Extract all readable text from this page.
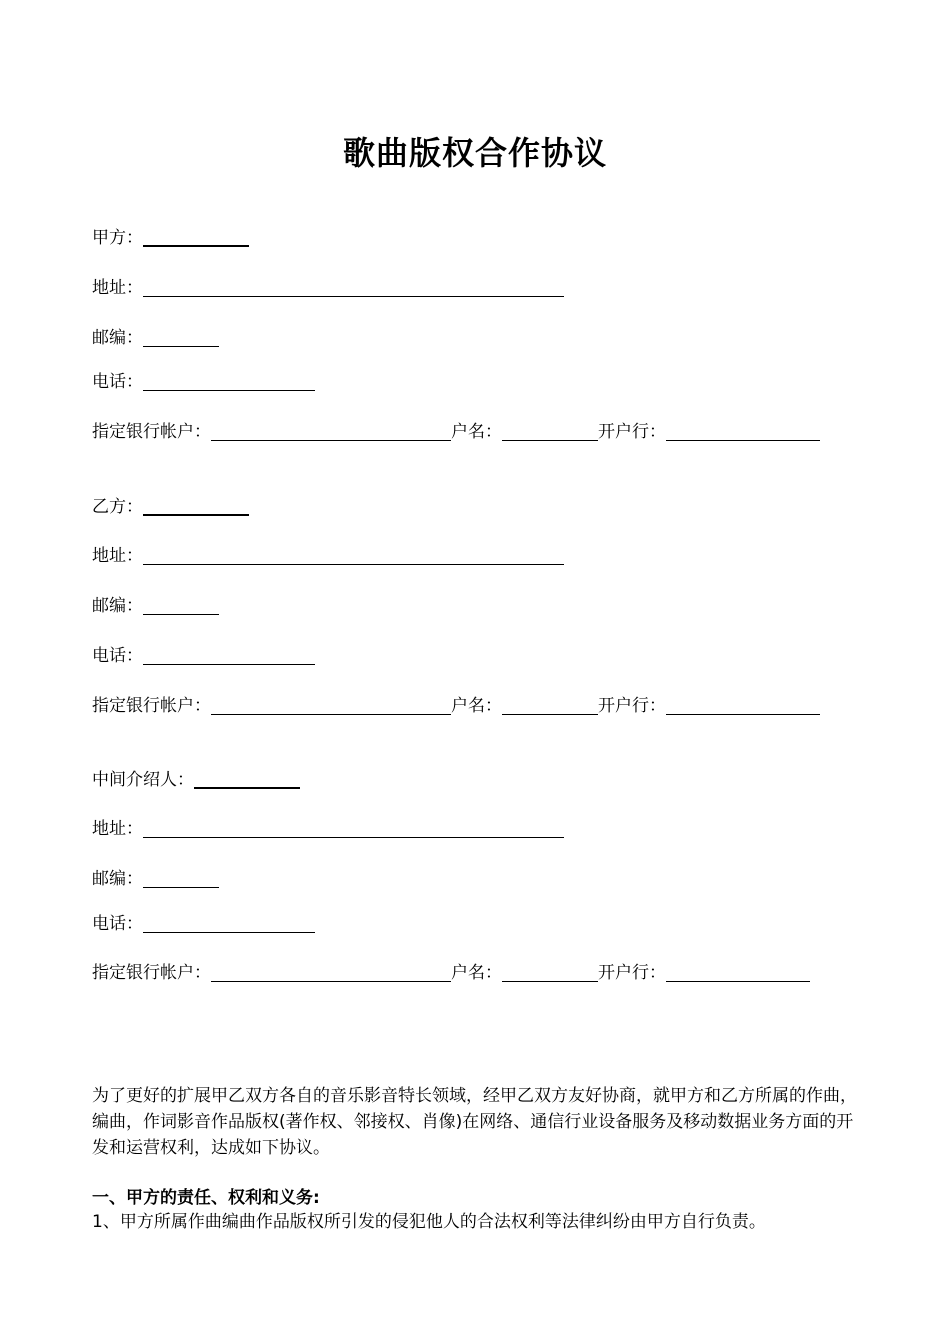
歌曲版权合作协议
甲方：
地址：
邮编：
电话：
指定银行帐户：	户名：	开户行：
乙方：
地址：
邮编：
电话：
指定银行帐户：	户名：	开户行：
中间介绍人：
地址：
邮编：
电话：
指定银行帐户：	户名：	开户行：
为了更好的扩展甲乙双方各自的音乐影音特长领域，经甲乙双方友好协商，就甲方和乙方所属的作曲，编曲，作词影音作品版权(著作权、邻接权、肖像)在网络、通信行业设备服务及移动数据业务方面的开发和运营权利，达成如下协议。
一、甲方的责任、权利和义务:
1、甲方所属作曲编曲作品版权所引发的侵犯他人的合法权利等法律纠纷由甲方自行负责。
